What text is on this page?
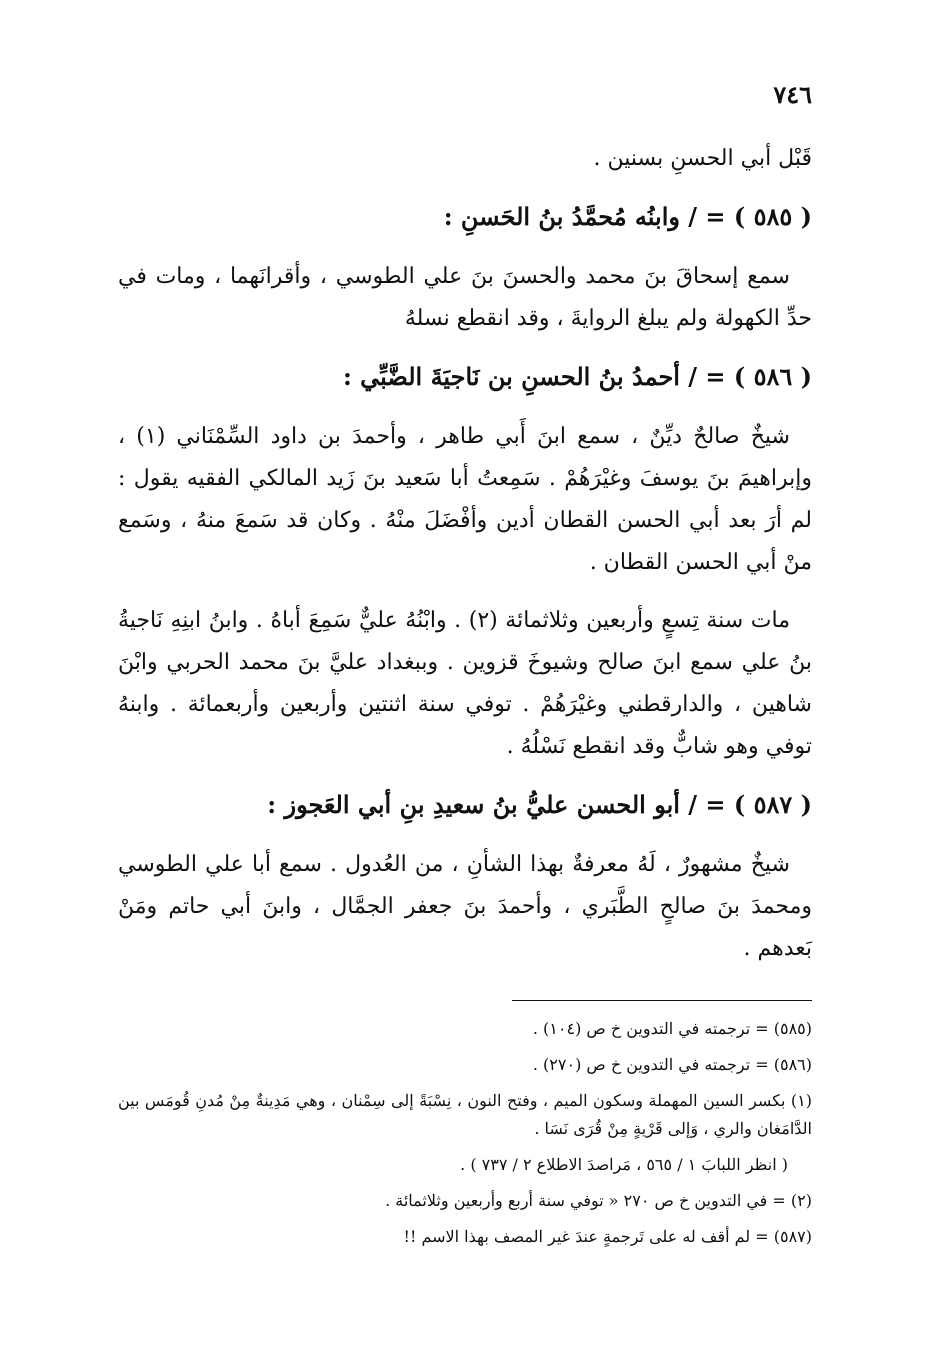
٧٤٦

قَبْل أبي الحسنِ بسنين .

( ٥٨٥ ) = / وابنُه مُحمَّدُ بنُ الحَسنِ :

سمع إسحاقَ بنَ محمد والحسنَ بنَ علي الطوسي ، وأقرانَهما ، ومات في حدِّ الكهولة ولم يبلغ الروايةَ ، وقد انقطع نسلهُ

( ٥٨٦ ) = / أحمدُ بنُ الحسنِ بن نَاجيَةَ الضَّبِّي :

شيخٌ صالحٌ ديِّنٌ ، سمع ابنَ أَبي طاهر ، وأحمدَ بن داود السِّمْنَاني (١) ، وإبراهيمَ بنَ يوسفَ وغيْرَهُمْ . سَمِعتُ أبا سَعيد بنَ زَيد المالكي الفقيه يقول : لم أرَ بعد أبي الحسن القطان أدين وأفْضَلَ منْهُ . وكان قد سَمعَ منهُ ، وسَمع منْ أبي الحسن القطان .

مات سنة تِسعٍ وأربعين وثلاثمائة (٢) . وابْنُهُ عليٌّ سَمِعَ أباهُ . وابنُ ابنِهِ نَاجيةُ بنُ علي سمع ابنَ صالح وشيوخَ قزوين . وببغداد عليَّ بنَ محمد الحربي وابْنَ شاهين ، والدارقطني وغيْرَهُمْ . توفي سنة اثنتين وأربعين وأربعمائة . وابنهُ توفي وهو شابٌّ وقد انقطع نَسْلُهُ .

( ٥٨٧ ) = / أبو الحسن عليُّ بنُ سعيدِ بنِ أبي العَجوز :

شيخٌ مشهورٌ ، لَهُ معرفةٌ بهذا الشأنِ ، من العُدول . سمع أبا علي الطوسي ومحمدَ بنَ صالحٍ الطَّبَري ، وأحمدَ بنَ جعفر الجمَّال ، وابنَ أبي حاتم ومَنْ بَعدهم .

(٥٨٥) = ترجمته في التدوين خ ص (١٠٤) .

(٥٨٦) = ترجمته في التدوين خ ص (٢٧٠) .

(١) بكسر السين المهملة وسكون الميم ، وفتح النون ، نِسْبَةً إلى سِمْنان ، وهي مَدِينةٌ مِنْ مُدنِ قُومَس بين الدَّامَغان والري ، وَإلى قَرْيةٍ مِنْ قُرَى نَسَا .

( انظر اللبابَ ١ / ٥٦٥ ، مَراصدَ الاطلاع ٢ / ٧٣٧ ) .

(٢) = في التدوين خ ص ٢٧٠ « توفي سنة أربع وأربعين وثلاثمائة .

(٥٨٧) = لم أقف له على تَرجمةٍ عندَ غير المصف بهذا الاسم !!
